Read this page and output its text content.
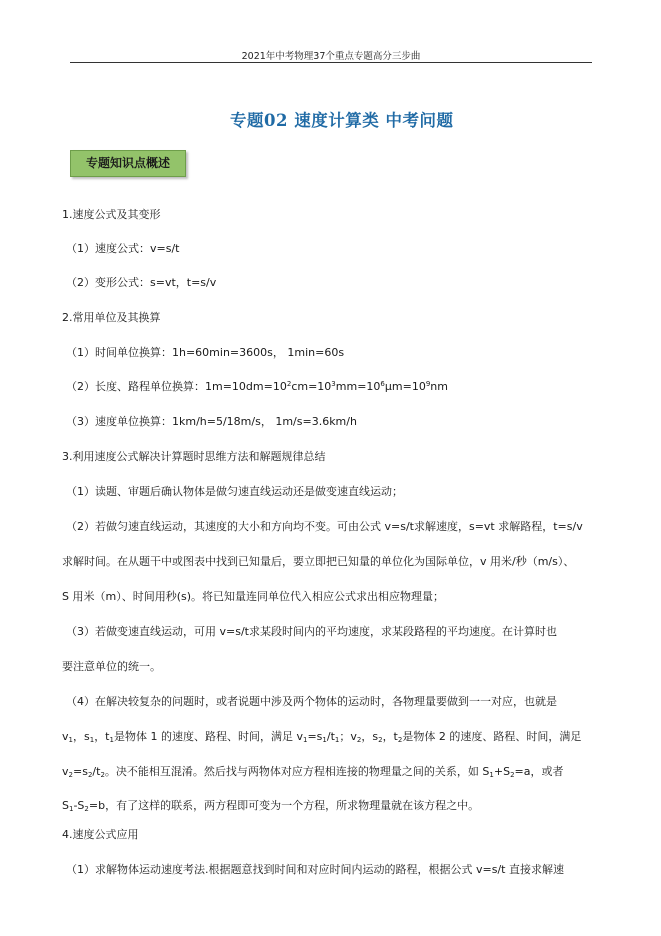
2021年中考物理37个重点专题高分三步曲
专题02 速度计算类 中考问题
专题知识点概述
1.速度公式及其变形
（1）速度公式：v=s/t
（2）变形公式：s=vt，t=s/v
2.常用单位及其换算
（1）时间单位换算：1h=60min=3600s， 1min=60s
（2）长度、路程单位换算：$1m=10dm=10^2cm=10^3mm=10^6\mu m=10^9nm$
（3）速度单位换算：1km/h=5/18m/s， 1m/s=3.6km/h
3.利用速度公式解决计算题时思维方法和解题规律总结
（1）读题、审题后确认物体是做匀速直线运动还是做变速直线运动；
（2）若做匀速直线运动，其速度的大小和方向均不变。可由公式 v=s/t求解速度，s=vt 求解路程，t=s/v
求解时间。在从题干中或图表中找到已知量后，要立即把已知量的单位化为国际单位，v 用米/秒（m/s）、
S 用米（m）、时间用秒(s)。将已知量连同单位代入相应公式求出相应物理量；
（3）若做变速直线运动，可用 v=s/t求某段时间内的平均速度，求某段路程的平均速度。在计算时也
要注意单位的统一。
（4）在解决较复杂的问题时，或者说题中涉及两个物体的运动时，各物理量要做到一一对应，也就是
$v_1$，$s_1$，$t_1$是物体 1 的速度、路程、时间，满足 $v_1=s_1/t_1$；$v_2$，$s_2$，$t_2$是物体 2 的速度、路程、时间，满足
$v_2=s_2/t_2$。决不能相互混淆。然后找与两物体对应方程相连接的物理量之间的关系，如 $S_1+S_2=a$，或者
$S_1-S_2=b$，有了这样的联系，两方程即可变为一个方程，所求物理量就在该方程之中。
4.速度公式应用
（1）求解物体运动速度考法.根据题意找到时间和对应时间内运动的路程，根据公式 v=s/t 直接求解速
